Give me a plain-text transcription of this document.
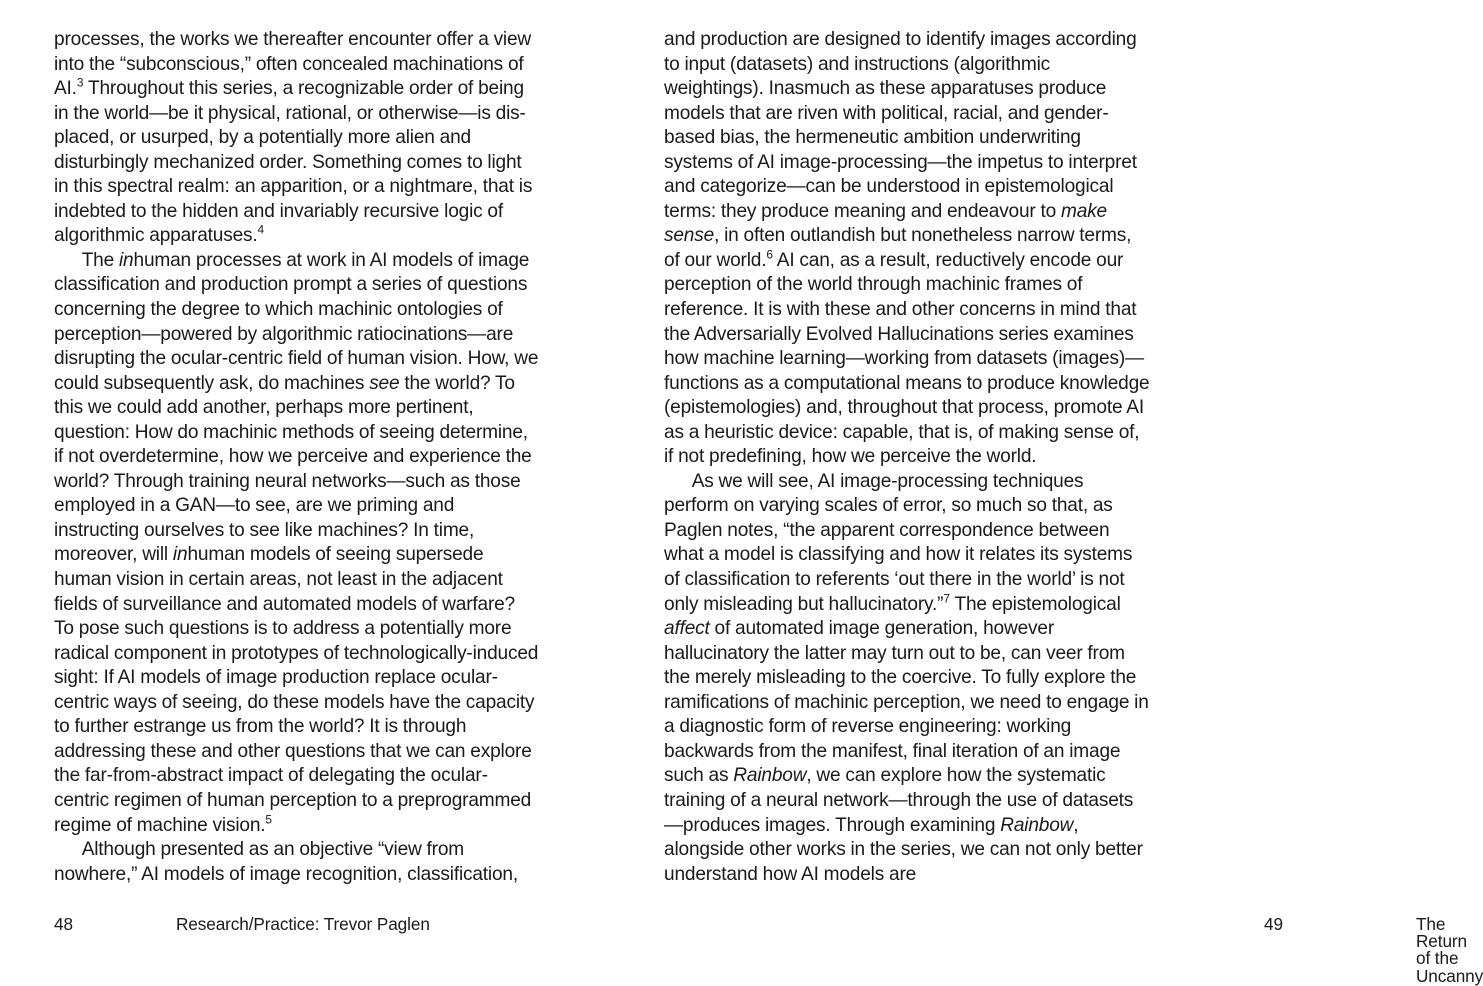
processes, the works we thereafter encounter offer a view into the “subconscious,” often concealed machinations of AI.$^3$ Throughout this series, a recognizable order of being in the world—be it physical, rational, or otherwise—is dis-placed, or usurped, by a potentially more alien and disturbingly mechanized order. Something comes to light in this spectral realm: an apparition, or a nightmare, that is indebted to the hidden and invariably recursive logic of algorithmic apparatuses.$^4$

The inhuman processes at work in AI models of image classification and production prompt a series of questions concerning the degree to which machinic ontologies of perception—powered by algorithmic ratiocinations—are disrupting the ocular-centric field of human vision. How, we could subsequently ask, do machines see the world? To this we could add another, perhaps more pertinent, question: How do machinic methods of seeing determine, if not overdetermine, how we perceive and experience the world? Through training neural networks—such as those employed in a GAN—to see, are we priming and instructing ourselves to see like machines? In time, moreover, will inhuman models of seeing supersede human vision in certain areas, not least in the adjacent fields of surveillance and automated models of warfare? To pose such questions is to address a potentially more radical component in prototypes of technologically-induced sight: If AI models of image production replace ocular-centric ways of seeing, do these models have the capacity to further estrange us from the world? It is through addressing these and other questions that we can explore the far-from-abstract impact of delegating the ocular-centric regimen of human perception to a preprogrammed regime of machine vision.$^5$

Although presented as an objective “view from nowhere,” AI models of image recognition, classification,

48	Research/Practice: Trevor Paglen

and production are designed to identify images according to input (datasets) and instructions (algorithmic weightings). Inasmuch as these apparatuses produce models that are riven with political, racial, and gender-based bias, the hermeneutic ambition underwriting systems of AI image-processing—the impetus to interpret and categorize—can be understood in epistemological terms: they produce meaning and endeavour to make sense, in often outlandish but nonetheless narrow terms, of our world.$^6$ AI can, as a result, reductively encode our perception of the world through machinic frames of reference. It is with these and other concerns in mind that the Adversarially Evolved Hallucinations series examines how machine learning—working from datasets (images)—functions as a computational means to produce knowledge (epistemologies) and, throughout that process, promote AI as a heuristic device: capable, that is, of making sense of, if not predefining, how we perceive the world.

As we will see, AI image-processing techniques perform on varying scales of error, so much so that, as Paglen notes, “the apparent correspondence between what a model is classifying and how it relates its systems of classification to referents ‘out there in the world’ is not only misleading but hallucinatory.”$^7$ The epistemological affect of automated image generation, however hallucinatory the latter may turn out to be, can veer from the merely misleading to the coercive. To fully explore the ramifications of machinic perception, we need to engage in a diagnostic form of reverse engineering: working backwards from the manifest, final iteration of an image such as Rainbow, we can explore how the systematic training of a neural network—through the use of datasets—produces images. Through examining Rainbow, alongside other works in the series, we can not only better understand how AI models are

49	The Return of the Uncanny
